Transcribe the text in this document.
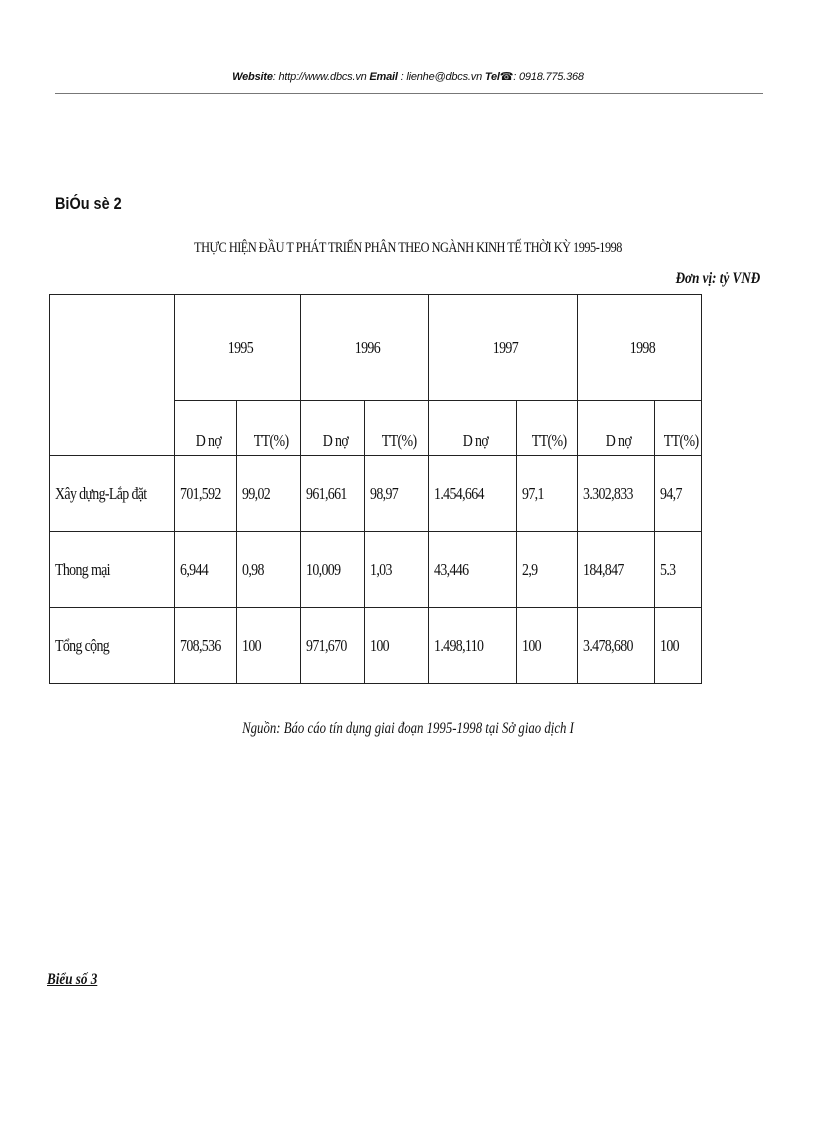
Website: http://www.dbcs.vn Email : lienhe@dbcs.vn Tel☎: 0918.775.368
BiÓu sè 2
THỰC HIỆN ĐẦU T PHÁT TRIỂN PHÂN THEO NGÀNH KINH TẾ THỜI KỲ 1995-1998
Đơn vị: tỷ VNĐ
	1995		1996		1997		1998	
	D nợ	TT(%)	D nợ	TT(%)	D nợ	TT(%)	D nợ	TT(%)
Xây dựng-Lắp đặt	701,592	99,02	961,661	98,97	1.454,664	97,1	3.302,833	94,7
Thong mại	6,944	0,98	10,009	1,03	43,446	2,9	184,847	5.3
Tổng cộng	708,536	100	971,670	100	1.498,110	100	3.478,680	100
Nguồn: Báo cáo tín dụng giai đoạn 1995-1998 tại Sở giao dịch I
Biểu số 3
